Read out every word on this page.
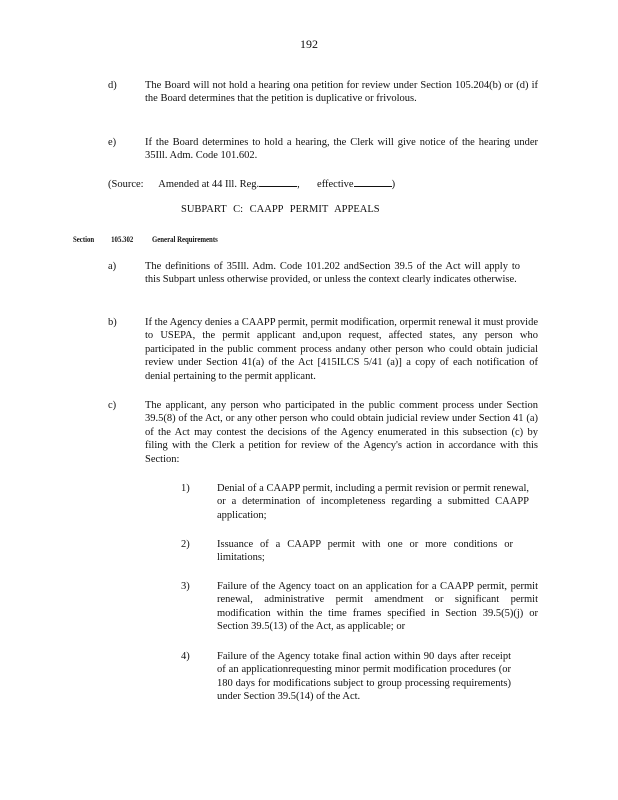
192
d)	The Board will not hold a hearing ona petition for review under Section 105.204(b) or (d) if the Board determines that the petition is duplicative or frivolous.
e)	If the Board determines to hold a hearing, the Clerk will give notice of the hearing under 35Ill. Adm. Code 101.602.
(Source: Amended at 44 Ill. Reg.	, effective	)
SUBPART C: CAAPP PERMIT APPEALS
Section 105.302 General Requirements
a)	The definitions of 35Ill. Adm. Code 101.202 andSection 39.5 of the Act will apply to this Subpart unless otherwise provided, or unless the context clearly indicates otherwise.
b)	If the Agency denies a CAAPP permit, permit modification, orpermit renewal it must provide to USEPA, the permit applicant and,upon request, affected states, any person who participated in the public comment process andany other person who could obtain judicial review under Section 41(a) of the Act [415ILCS 5/41 (a)] a copy of each notification of denial pertaining to the permit applicant.
c)	The applicant, any person who participated in the public comment process under Section 39.5(8) of the Act, or any other person who could obtain judicial review under Section 41 (a) of the Act may contest the decisions of the Agency enumerated in this subsection (c) by filing with the Clerk a petition for review of the Agency's action in accordance with this Section:
1)	Denial of a CAAPP permit, including a permit revision or permit renewal, or a determination of incompleteness regarding a submitted CAAPP application;
2)	Issuance of a CAAPP permit with one or more conditions or limitations;
3)	Failure of the Agency toact on an application for a CAAPP permit, permit renewal, administrative permit amendment or significant permit modification within the time frames specified in Section 39.5(5)(j) or Section 39.5(13) of the Act, as applicable; or
4)	Failure of the Agency totake final action within 90 days after receipt of an applicationrequesting minor permit modification procedures (or 180 days for modifications subject to group processing requirements) under Section 39.5(14) of the Act.
